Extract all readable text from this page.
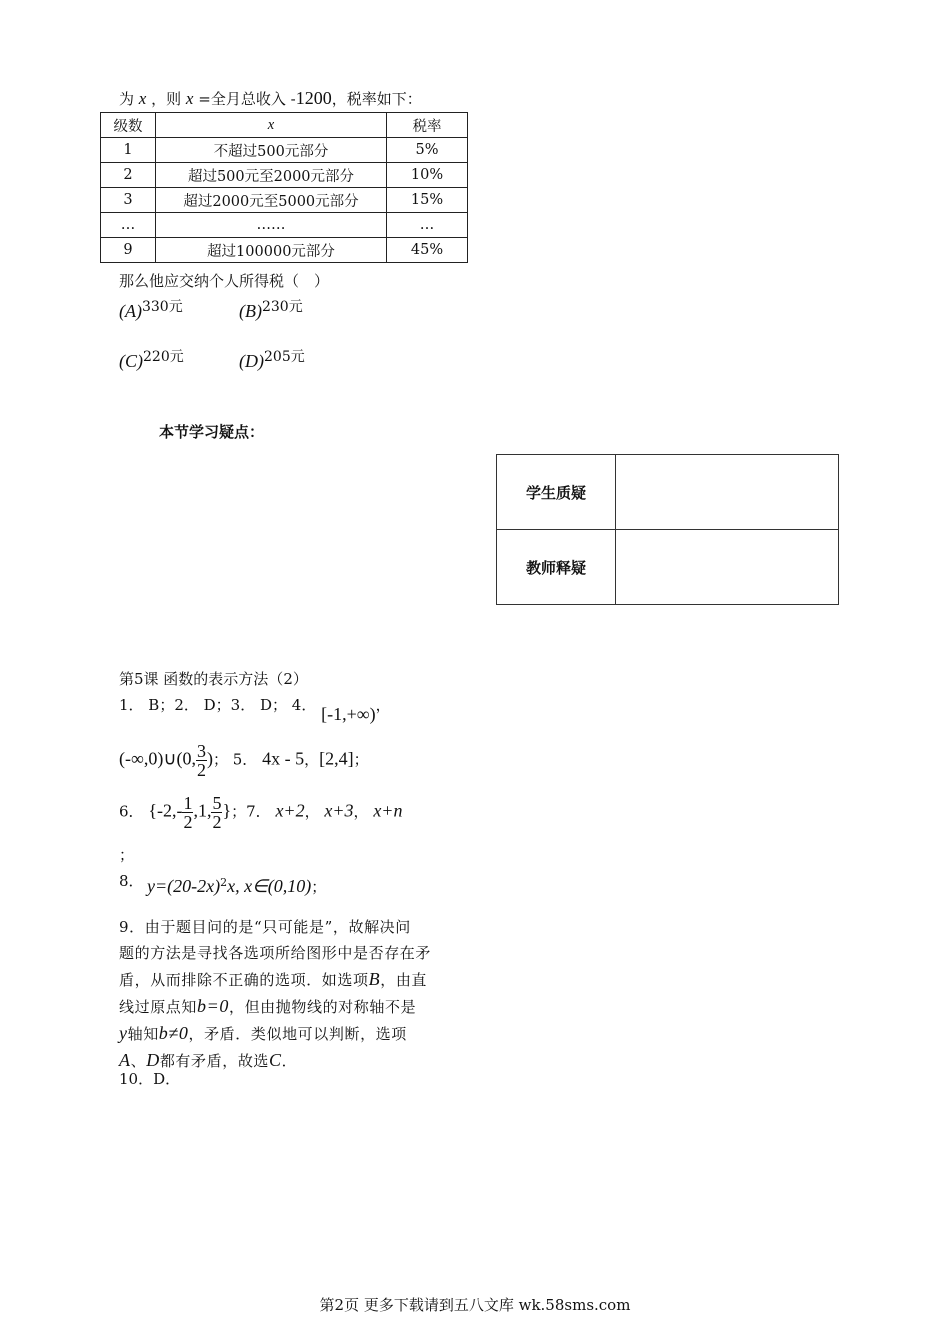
为 x ，则 x =全月总收入 -1200，税率如下：
级数	x	税率
1	不超过500元部分	5%
2	超过500元至2000元部分	10%
3	超过2000元至5000元部分	15%
…	……	…
9	超过100000元部分	45%
那么他应交纳个人所得税（　）
$(A)^{330元}$	$(B)^{230元}$
$(C)^{220元}$	$(D)^{205元}$
本节学习疑点：
学生质疑	
教师释疑	
第5课 函数的表示方法（2）
1． B；2． D；3． D； 4． [-1,+∞)，
(-∞,0)∪(0, $\frac{3}{2}$ )； 5． 4x - 5，[2,4]；
6． {$-2,- \frac{1}{2} ,1$, $\frac{5}{2}$ }；7． x+2， x+3， x+n
；
8． $y=(20-2x)^2x$, x∈(0,10)；
9．由于题目问的是“只可能是”，故解决问
题的方法是寻找各选项所给图形中是否存在矛
盾，从而排除不正确的选项．如选项B，由直
线过原点知b=0，但由抛物线的对称轴不是
y轴知b≠0，矛盾．类似地可以判断，选项
A、D都有矛盾，故选C．
10．D．
第2页 更多下载请到五八文库 wk.58sms.com
